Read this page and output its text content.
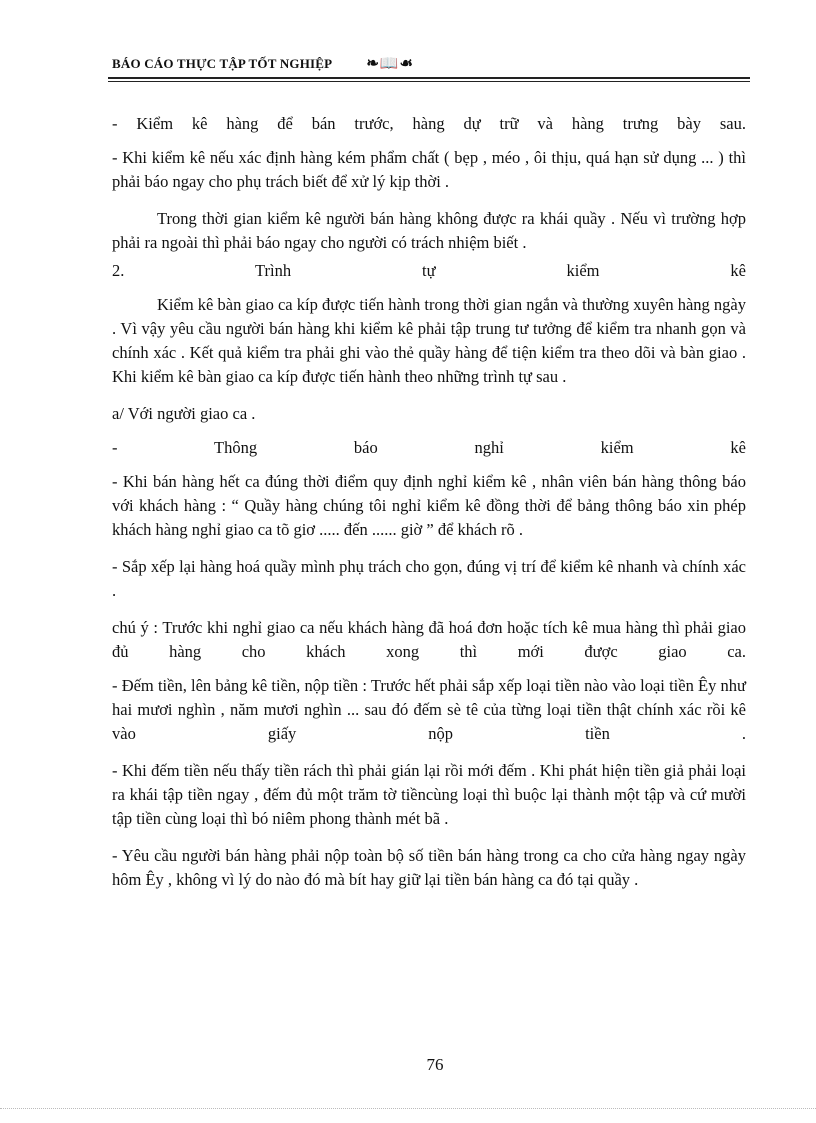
BÁO CÁO THỰC TẬP TỐT NGHIỆP ❧📖☙

- Kiểm kê hàng để bán trước, hàng dự trữ và hàng trưng bày sau.

- Khi kiểm kê nếu xác định hàng kém phẩm chất ( bẹp , méo , ôi thịu, quá hạn sử dụng ... ) thì phải báo ngay cho phụ trách biết để xử lý kịp thời .

Trong thời gian kiểm kê người bán hàng không được ra khái quầy . Nếu vì trường hợp phải ra ngoài thì phải báo ngay cho người có trách nhiệm biết .

2. Trình tự kiểm kê

Kiểm kê bàn giao ca kíp được tiến hành trong thời gian ngắn và thường xuyên hàng ngày . Vì vậy yêu cầu người bán hàng khi kiểm kê phải tập trung tư tưởng để kiểm tra nhanh gọn và chính xác . Kết quả kiểm tra phải ghi vào thẻ quầy hàng để tiện kiểm tra theo dõi và bàn giao . Khi kiểm kê bàn giao ca kíp được tiến hành theo những trình tự sau .

a/ Với người giao ca .

- Thông báo nghỉ kiểm kê

- Khi bán hàng hết ca đúng thời điểm quy định nghỉ kiểm kê , nhân viên bán hàng thông báo với khách hàng : “ Quầy hàng chúng tôi nghỉ kiểm kê đồng thời để bảng thông báo xin phép khách hàng nghỉ giao ca tõ giơ ..... đến ...... giờ ” để khách rõ .

- Sắp xếp lại hàng hoá quầy mình phụ trách cho gọn, đúng vị trí để kiểm kê nhanh và chính xác .

chú ý : Trước khi nghỉ giao ca nếu khách hàng đã hoá đơn hoặc tích kê mua hàng thì phải giao đủ hàng cho khách xong thì mới được giao ca.

- Đếm tiền, lên bảng kê tiền, nộp tiền : Trước hết phải sắp xếp loại tiền nào vào loại tiền Êy như hai mươi nghìn , năm mươi nghìn ... sau đó đếm sè tê của từng loại tiền thật chính xác rồi kê vào giấy nộp tiền .

- Khi đếm tiền nếu thấy tiền rách thì phải gián lại rồi mới đếm . Khi phát hiện tiền giả phải loại ra khái tập tiền ngay , đếm đủ một trăm tờ tiềncùng loại thì buộc lại thành một tập và cứ mười tập tiền cùng loại thì bó niêm phong thành mét bã .

- Yêu cầu người bán hàng phải nộp toàn bộ số tiền bán hàng trong ca cho cửa hàng ngay ngày hôm Êy , không vì lý do nào đó mà bít hay giữ lại tiền bán hàng ca đó tại quầy .

76
